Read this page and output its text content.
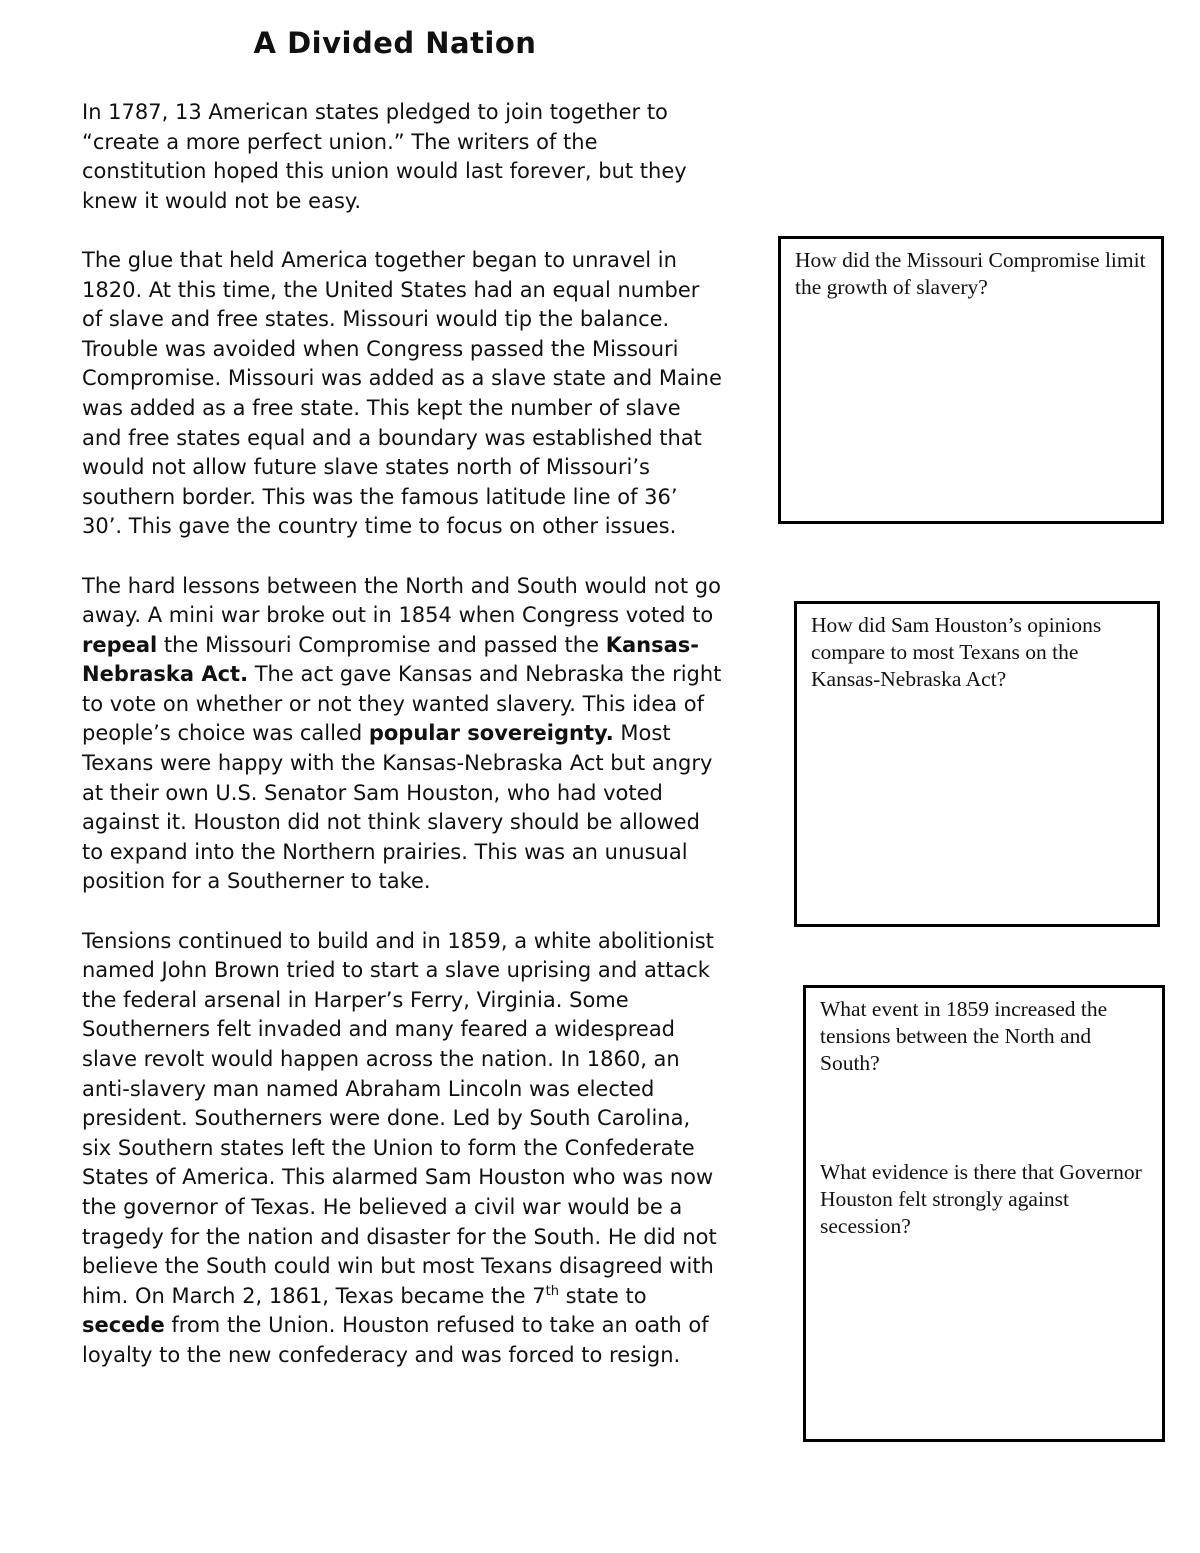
A Divided Nation

In 1787, 13 American states pledged to join together to “create a more perfect union.” The writers of the constitution hoped this union would last forever, but they knew it would not be easy.

The glue that held America together began to unravel in 1820. At this time, the United States had an equal number of slave and free states. Missouri would tip the balance. Trouble was avoided when Congress passed the Missouri Compromise. Missouri was added as a slave state and Maine was added as a free state. This kept the number of slave and free states equal and a boundary was established that would not allow future slave states north of Missouri’s southern border. This was the famous latitude line of 36’ 30’. This gave the country time to focus on other issues.

The hard lessons between the North and South would not go away. A mini war broke out in 1854 when Congress voted to repeal the Missouri Compromise and passed the Kansas-Nebraska Act. The act gave Kansas and Nebraska the right to vote on whether or not they wanted slavery. This idea of people’s choice was called popular sovereignty. Most Texans were happy with the Kansas-Nebraska Act but angry at their own U.S. Senator Sam Houston, who had voted against it. Houston did not think slavery should be allowed to expand into the Northern prairies. This was an unusual position for a Southerner to take.

Tensions continued to build and in 1859, a white abolitionist named John Brown tried to start a slave uprising and attack the federal arsenal in Harper’s Ferry, Virginia. Some Southerners felt invaded and many feared a widespread slave revolt would happen across the nation. In 1860, an anti-slavery man named Abraham Lincoln was elected president. Southerners were done. Led by South Carolina, six Southern states left the Union to form the Confederate States of America. This alarmed Sam Houston who was now the governor of Texas. He believed a civil war would be a tragedy for the nation and disaster for the South. He did not believe the South could win but most Texans disagreed with him. On March 2, 1861, Texas became the 7th state to secede from the Union. Houston refused to take an oath of loyalty to the new confederacy and was forced to resign.

How did the Missouri Compromise limit the growth of slavery?

How did Sam Houston’s opinions compare to most Texans on the Kansas-Nebraska Act?

What event in 1859 increased the tensions between the North and South?

What evidence is there that Governor Houston felt strongly against secession?
